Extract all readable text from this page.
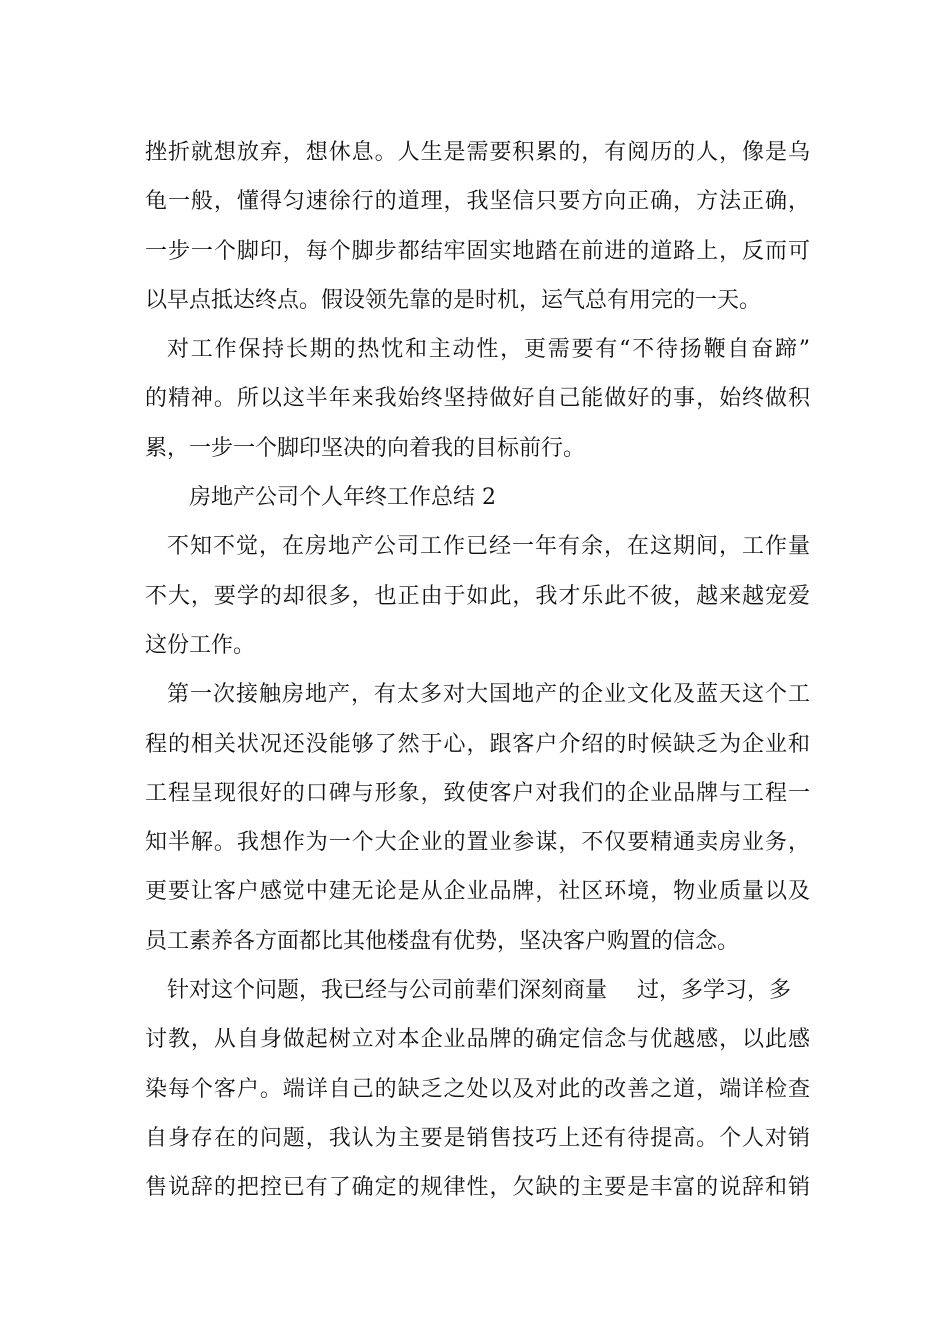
挫折就想放弃，想休息。人生是需要积累的，有阅历的人，像是乌
龟一般，懂得匀速徐行的道理，我坚信只要方向正确，方法正确，
一步一个脚印，每个脚步都结牢固实地踏在前进的道路上，反而可
以早点抵达终点。假设领先靠的是时机，运气总有用完的一天。
对工作保持长期的热忱和主动性，更需要有“不待扬鞭自奋蹄”
的精神。所以这半年来我始终坚持做好自己能做好的事，始终做积
累，一步一个脚印坚决的向着我的目标前行。
房地产公司个人年终工作总结 2
不知不觉，在房地产公司工作已经一年有余，在这期间，工作量
不大，要学的却很多，也正由于如此，我才乐此不彼，越来越宠爱
这份工作。
第一次接触房地产，有太多对大国地产的企业文化及蓝天这个工
程的相关状况还没能够了然于心，跟客户介绍的时候缺乏为企业和
工程呈现很好的口碑与形象，致使客户对我们的企业品牌与工程一
知半解。我想作为一个大企业的置业参谋，不仅要精通卖房业务，
更要让客户感觉中建无论是从企业品牌，社区环境，物业质量以及
员工素养各方面都比其他楼盘有优势，坚决客户购置的信念。
针对这个问题，我已经与公司前辈们深刻商量 过，多学习，多
讨教，从自身做起树立对本企业品牌的确定信念与优越感，以此感
染每个客户。端详自己的缺乏之处以及对此的改善之道，端详检查
自身存在的问题，我认为主要是销售技巧上还有待提高。个人对销
售说辞的把控已有了确定的规律性，欠缺的主要是丰富的说辞和销
